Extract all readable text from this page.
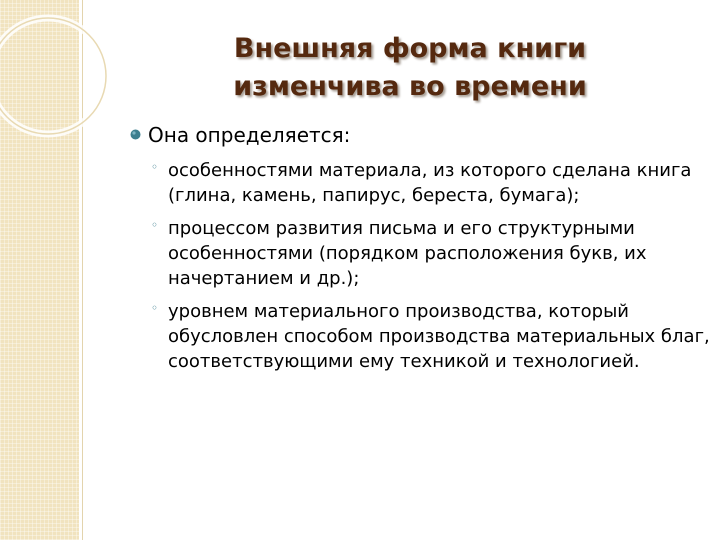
Внешняя форма книги
изменчива во времени
Она определяется:
◦ особенностями материала, из которого сделана книга (глина, камень, папирус, береста, бумага);
◦ процессом развития письма и его структурными особенностями (порядком расположения букв, их начертанием и др.);
◦ уровнем материального производства, который обусловлен способом производства материальных благ, соответствующими ему техникой и технологией.
